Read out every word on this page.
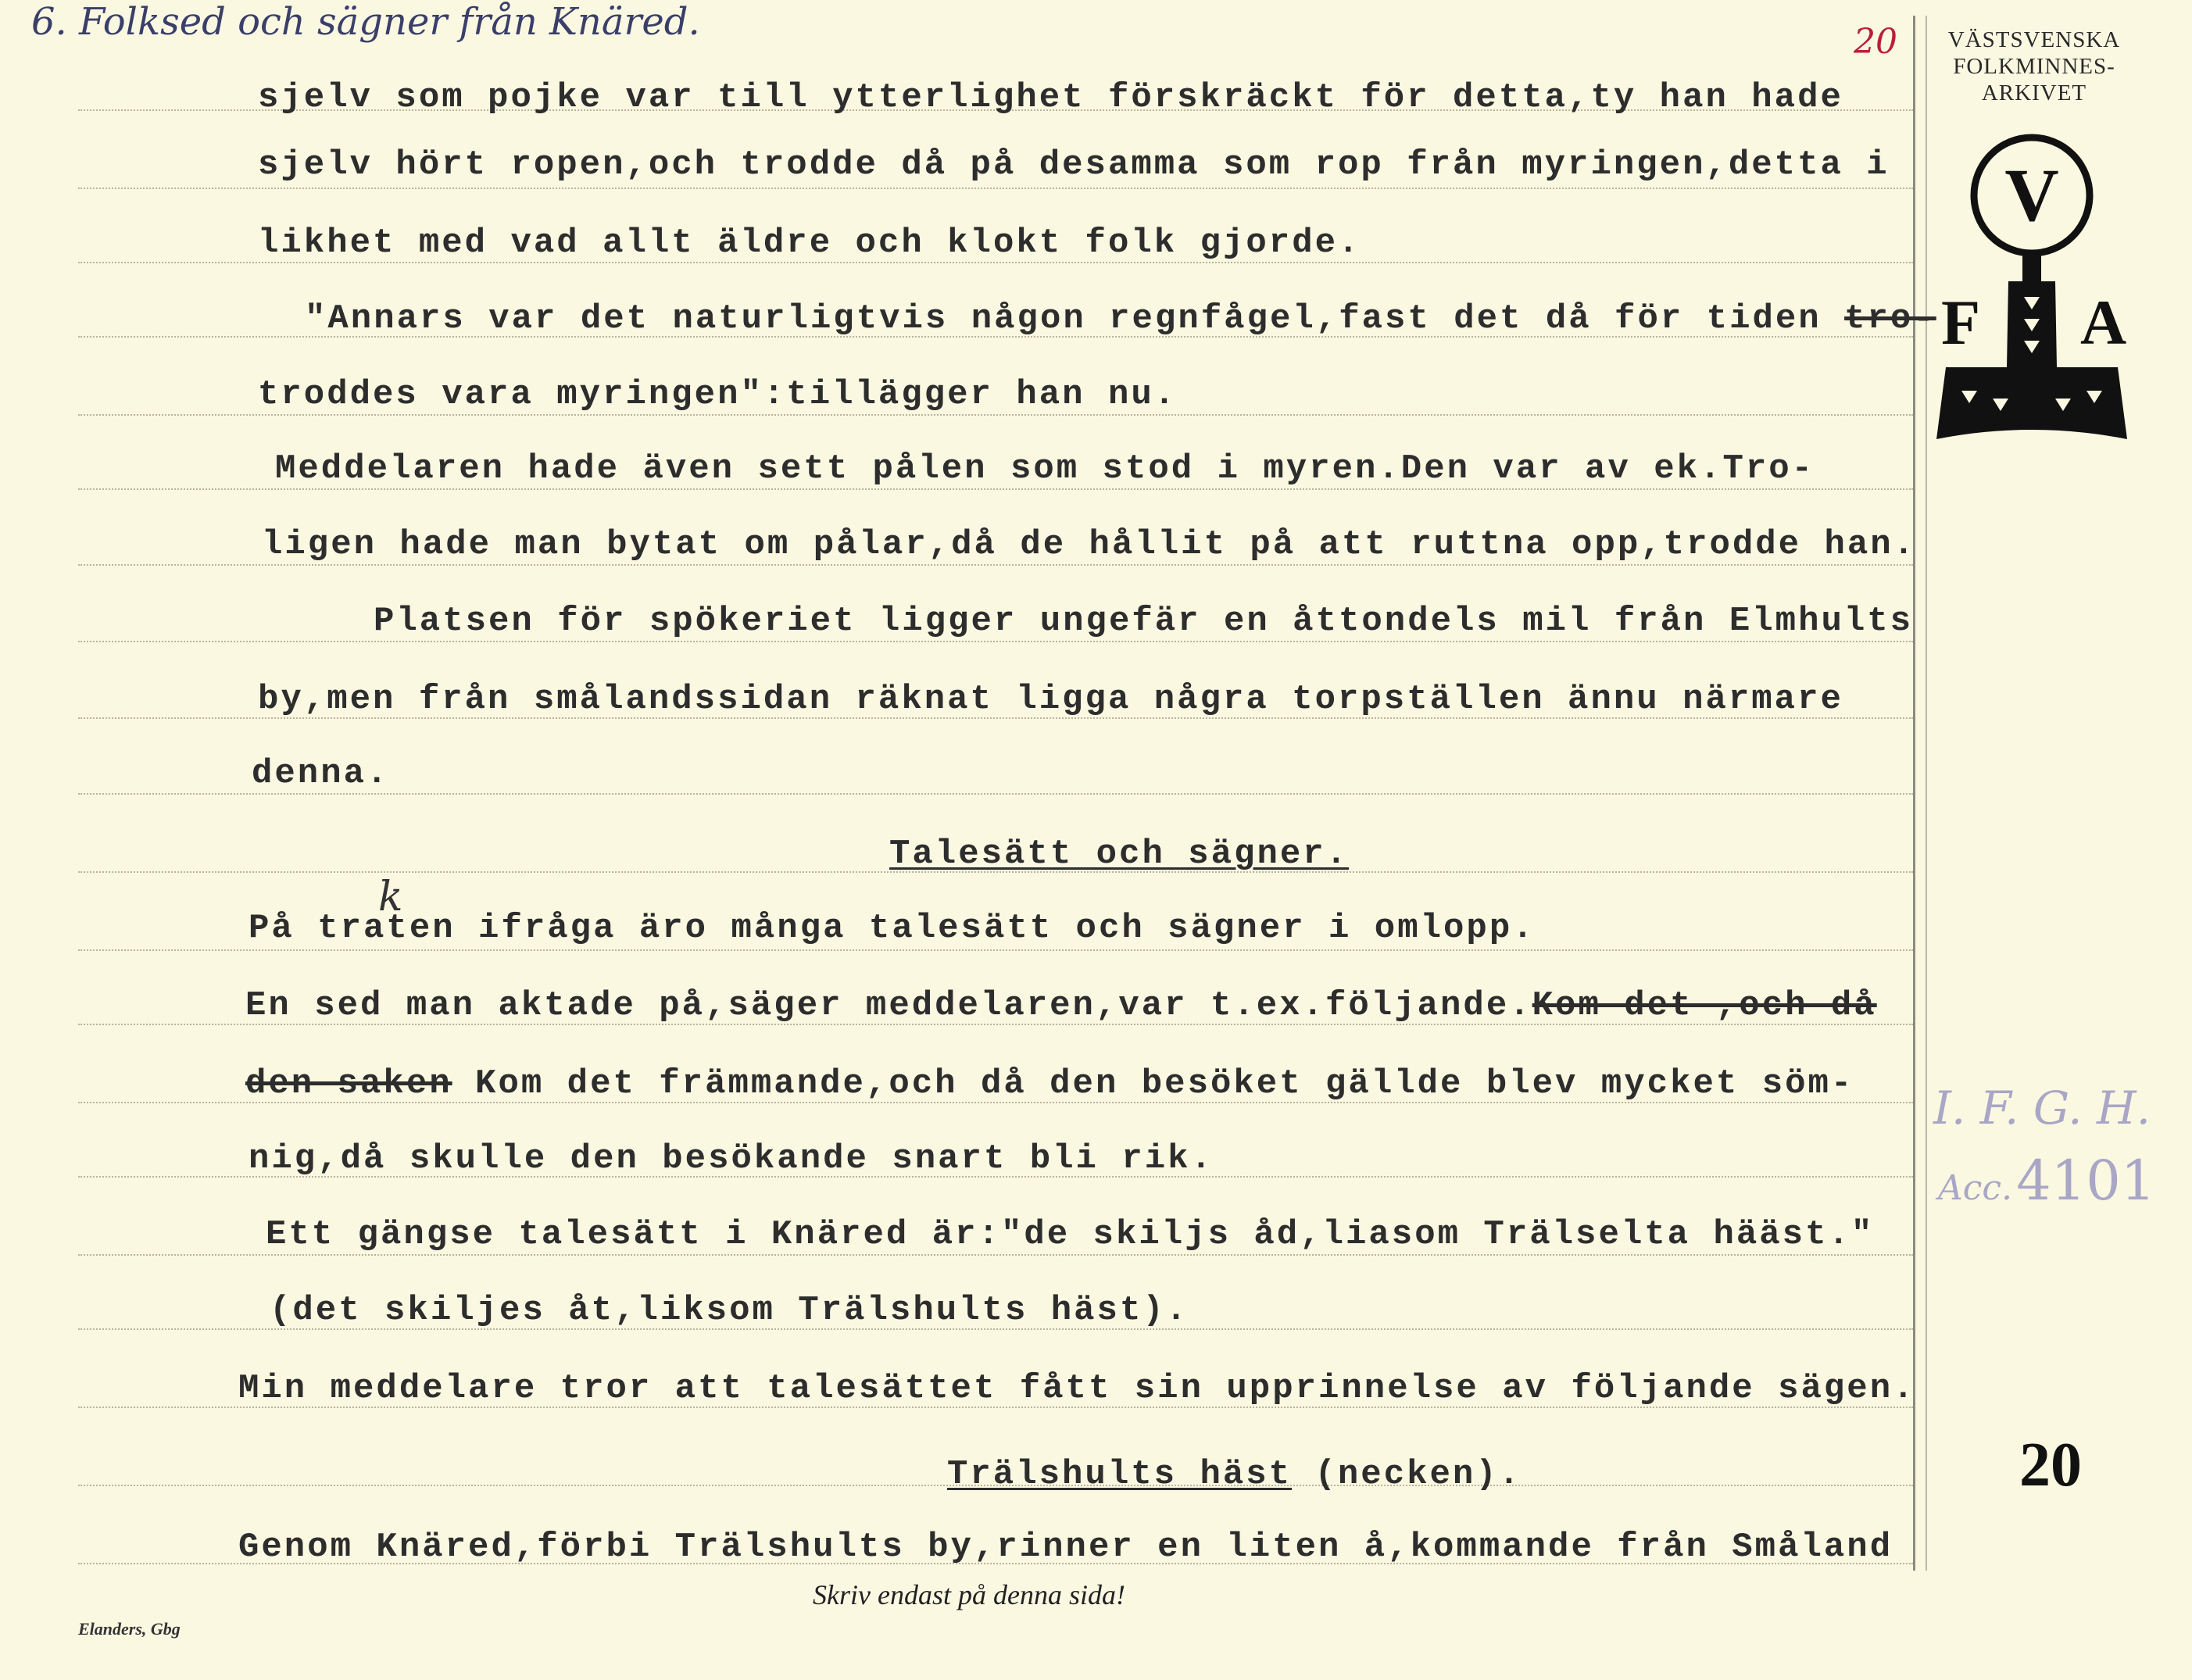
6. Folksed och sägner från Knäred.	20	VÄSTSVENSKA
FOLKMINNES-
ARKIVET
V
F A
sjelv som pojke var till ytterlighet förskräckt för detta,ty han hade
sjelv hört ropen,och trodde då på desamma som rop från myringen,detta i
likhet med vad allt äldre och klokt folk gjorde.
"Annars var det naturligtvis någon regnfågel,fast det då för tiden tro-
troddes vara myringen":tillägger han nu.
Meddelaren hade även sett pålen som stod i myren.Den var av ek.Tro-
ligen hade man bytat om pålar,då de hållit på att ruttna opp,trodde han.
Platsen för spökeriet ligger ungefär en åttondels mil från Elmhults
by,men från smålandssidan räknat ligga några torpställen ännu närmare
denna.
Talesätt och sägner.
k
På traten ifråga äro många talesätt och sägner i omlopp.
En sed man aktade på,säger meddelaren,var t.ex.följande.Kom det ,och då
den saken Kom det främmande,och då den besöket gällde blev mycket söm-
nig,då skulle den besökande snart bli rik.
Ett gängse talesätt i Knäred är:"de skiljs åd,liasom Trälselta hääst."
(det skiljes åt,liksom Trälshults häst).
Min meddelare tror att talesättet fått sin upprinnelse av följande sägen.
Trälshults häst (necken).
Genom Knäred,förbi Trälshults by,rinner en liten å,kommande från Småland
I. F. G. H.
Acc. 4101
20
Skriv endast på denna sida!
Elanders, Gbg
